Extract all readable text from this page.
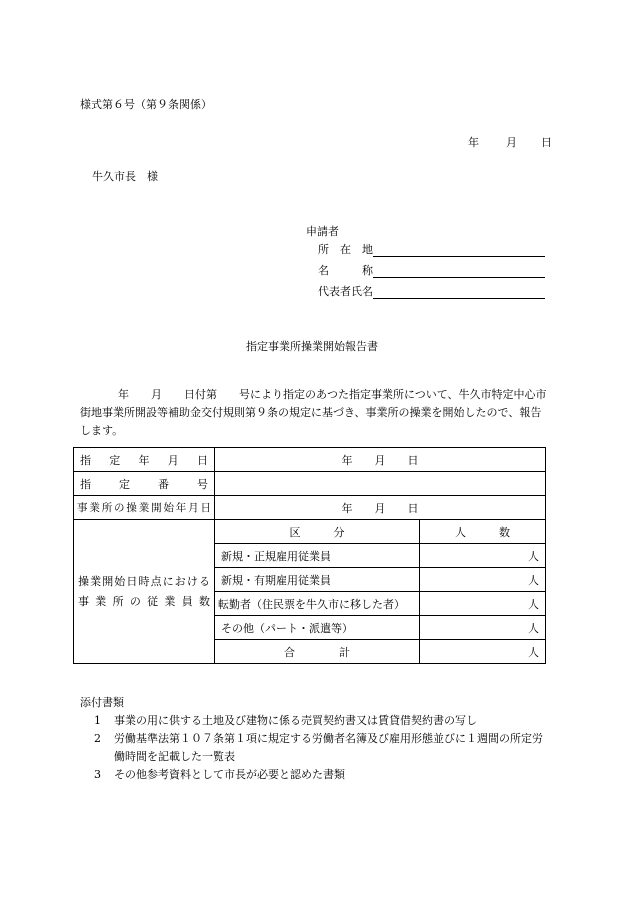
様式第６号（第９条関係）
年 月 日
牛久市長　様
申請者
所　在　地
名　　　称
代表者氏名
指定事業所操業開始報告書
年　　月　　日付第　　号により指定のあつた指定事業所について、牛久市特定中心市街地事業所開設等補助金交付規則第９条の規定に基づき、事業所の操業を開始したので、報告します。
指定年月日	年　　月　　日	
指定番号		
事業所の操業開始年月日	年　　月　　日	

操業開始日時点における
事業所の従業員数	区　　　分	人　　　数
	新規・正規雇用従業員	人
	新規・有期雇用従業員	人
	転勤者（住民票を牛久市に移した者）	人
	その他（パート・派遣等）	人
	合　　　　計	人
添付書類
1	事業の用に供する土地及び建物に係る売買契約書又は賃貸借契約書の写し
2	労働基準法第１０７条第１項に規定する労働者名簿及び雇用形態並びに１週間の所定労働時間を記載した一覧表
3	その他参考資料として市長が必要と認めた書類
